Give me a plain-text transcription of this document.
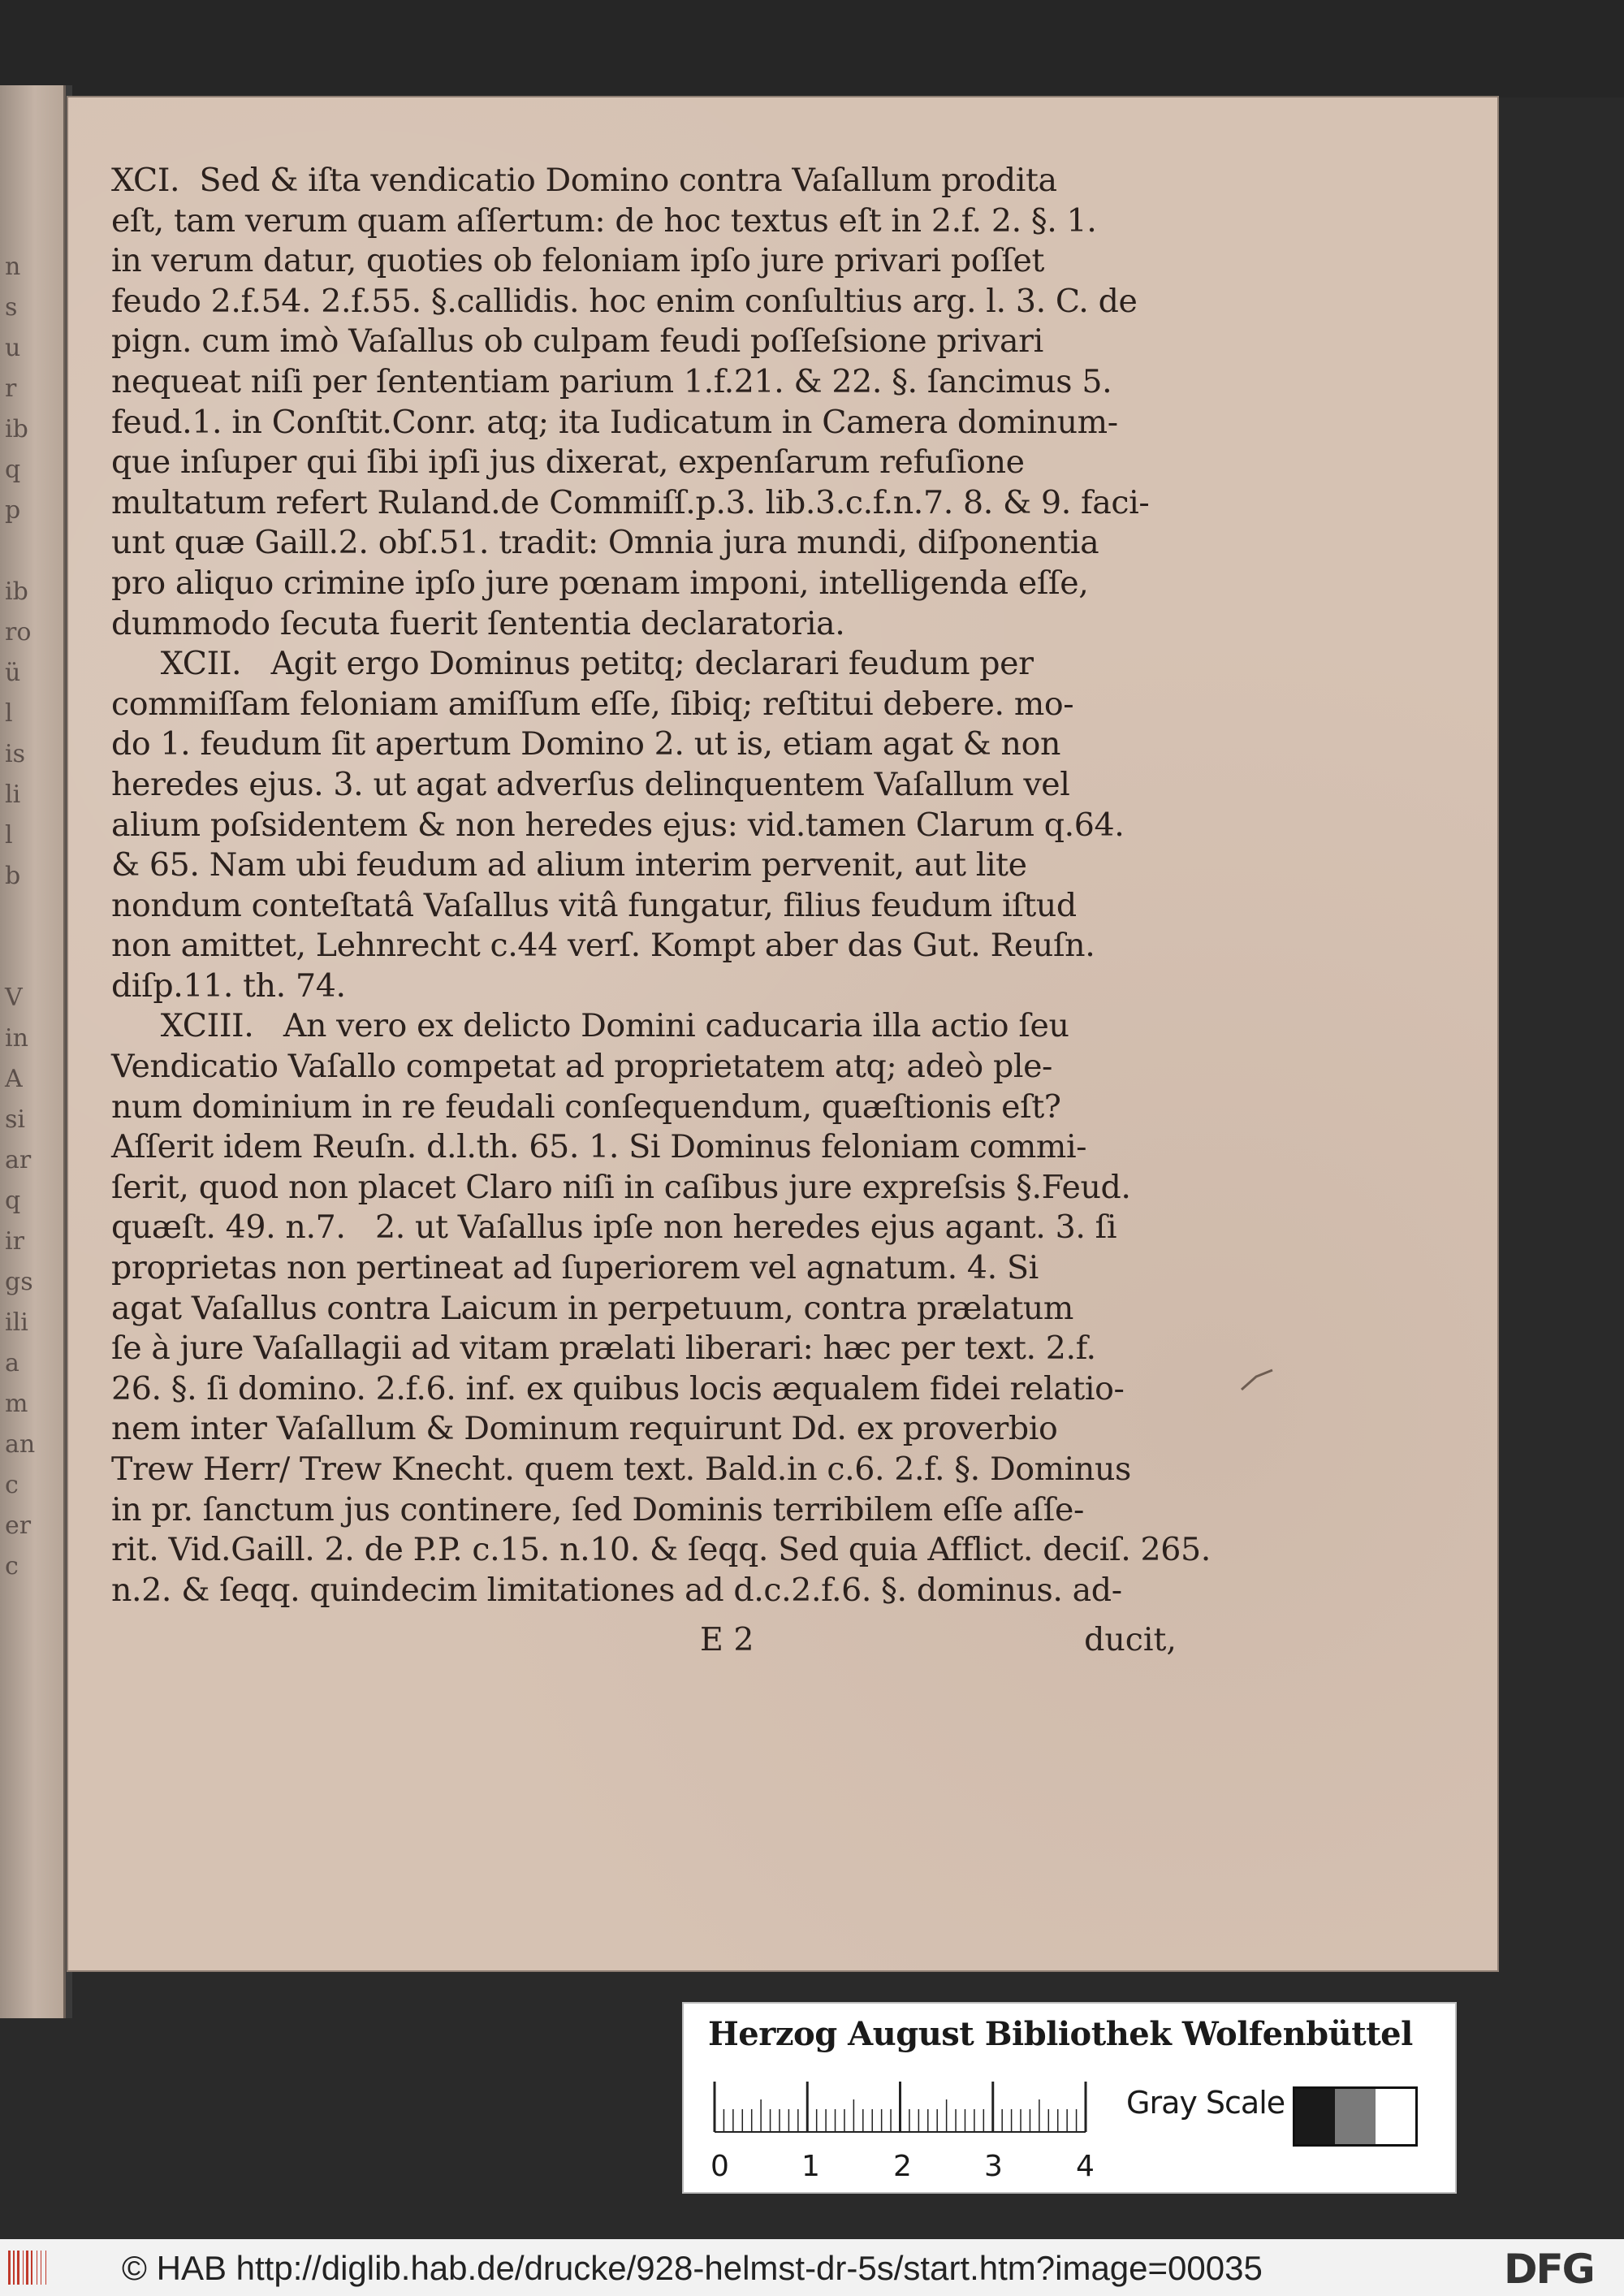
n
s
u
r
ib
q
p
ib
ro
ü
l
is
li
l
b
V
in
A
si
ar
q
ir
gs
ili
a
m
an
c
er
c
XCI.  Sed & iſta vendicatio Domino contra Vaſallum prodita
eſt, tam verum quam aſſertum: de hoc textus eſt in 2.f. 2. §. 1.
in verum datur, quoties ob feloniam ipſo jure privari poſſet
feudo 2.f.54. 2.f.55. §.callidis. hoc enim conſultius arg. l. 3. C. de
pign. cum imò Vaſallus ob culpam feudi poſſeſsione privari
nequeat niſi per ſententiam parium 1.f.21. & 22. §. ſancimus 5.
feud.1. in Conſtit.Conr. atq; ita Iudicatum in Camera dominum-
que inſuper qui ſibi ipſi jus dixerat, expenſarum refuſione
multatum refert Ruland.de Commiſſ.p.3. lib.3.c.f.n.7. 8. & 9. faci-
unt quæ Gaill.2. obſ.51. tradit: Omnia jura mundi, diſponentia
pro aliquo crimine ipſo jure pœnam imponi, intelligenda eſſe,
dummodo ſecuta fuerit ſententia declaratoria.
XCII.   Agit ergo Dominus petitq; declarari feudum per
commiſſam feloniam amiſſum eſſe, ſibiq; reſtitui debere. mo-
do 1. feudum ſit apertum Domino 2. ut is, etiam agat & non
heredes ejus. 3. ut agat adverſus delinquentem Vaſallum vel
alium poſsidentem & non heredes ejus: vid.tamen Clarum q.64.
& 65. Nam ubi feudum ad alium interim pervenit, aut lite
nondum conteſtatâ Vaſallus vitâ fungatur, filius feudum iſtud
non amittet, Lehnrecht c.44 verſ. Kompt aber das Gut. Reuſn.
diſp.11. th. 74.
XCIII.   An vero ex delicto Domini caducaria illa actio ſeu
Vendicatio Vaſallo competat ad proprietatem atq; adeò ple-
num dominium in re feudali conſequendum, quæſtionis eſt?
Aſſerit idem Reuſn. d.l.th. 65. 1. Si Dominus feloniam commi-
ſerit, quod non placet Claro niſi in caſibus jure expreſsis §.Feud.
quæſt. 49. n.7.   2. ut Vaſallus ipſe non heredes ejus agant. 3. ſi
proprietas non pertineat ad ſuperiorem vel agnatum. 4. Si
agat Vaſallus contra Laicum in perpetuum, contra prælatum
ſe à jure Vaſallagii ad vitam prælati liberari: hæc per text. 2.f.
26. §. ſi domino. 2.f.6. inf. ex quibus locis æqualem fidei relatio-
nem inter Vaſallum & Dominum requirunt Dd. ex proverbio
Trew Herr/ Trew Knecht. quem text. Bald.in c.6. 2.f. §. Dominus
in pr. ſanctum jus continere, ſed Dominis terribilem eſſe aſſe-
rit. Vid.Gaill. 2. de P.P. c.15. n.10. & ſeqq. Sed quia Afflict. deciſ. 265.
n.2. & ſeqq. quindecim limitationes ad d.c.2.f.6. §. dominus. ad-
E 2	ducit,
Herzog August Bibliothek Wolfenbüttel
0 1	2 3	4
Gray Scale
© HAB http://diglib.hab.de/drucke/928-helmst-dr-5s/start.htm?image=00035	DFG
